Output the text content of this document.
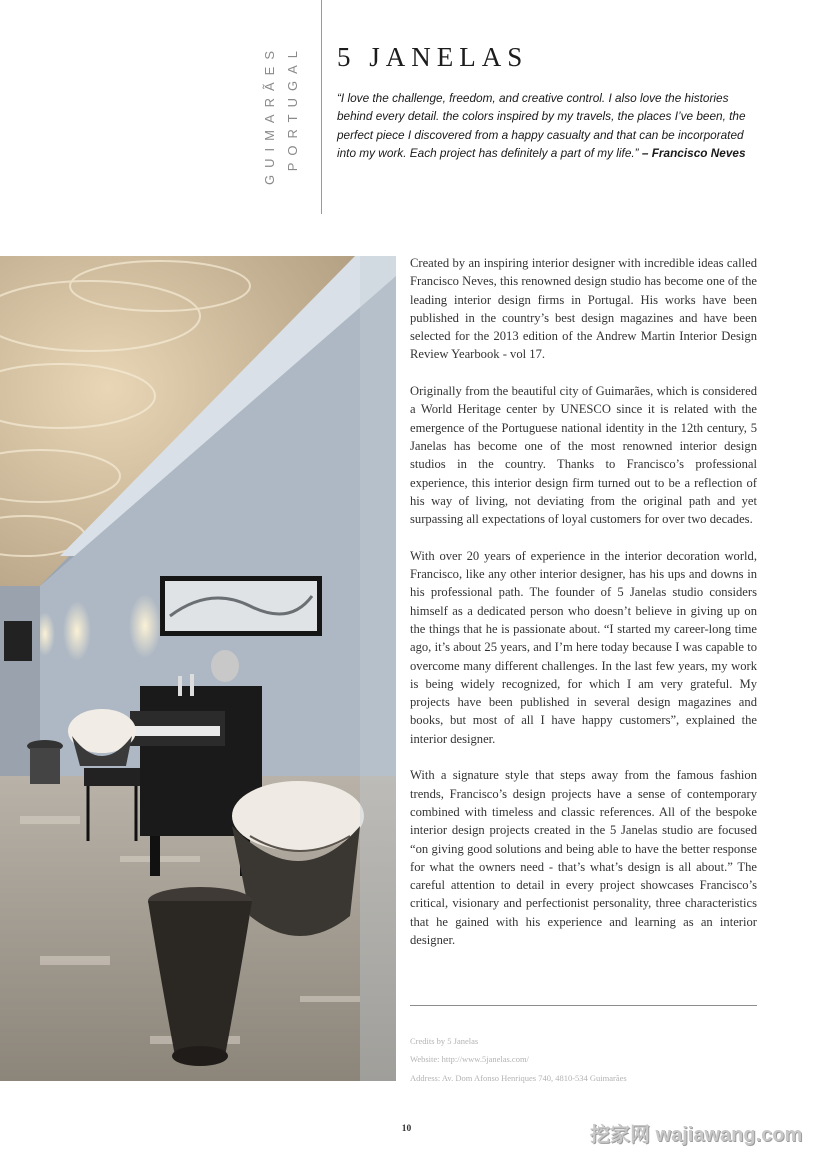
GUIMARÃES PORTUGAL 5 JANELAS

“I love the challenge, freedom, and creative control. I also love the histories behind every detail. the colors inspired by my travels, the places I’ve been, the perfect piece I discovered from a happy casualty and that can be incorporated into my work. Each project has definitely a part of my life.” – Francisco Neves

Created by an inspiring interior designer with incredible ideas called Francisco Neves, this renowned design studio has become one of the leading interior design firms in Portugal. His works have been published in the country’s best design magazines and have been selected for the 2013 edition of the Andrew Martin Interior Design Review Yearbook - vol 17.

Originally from the beautiful city of Guimarães, which is considered a World Heritage center by UNESCO since it is related with the emergence of the Portuguese national identity in the 12th century, 5 Janelas has become one of the most renowned interior design studios in the country. Thanks to Francisco’s professional experience, this interior design firm turned out to be a reflection of his way of living, not deviating from the original path and yet surpassing all expectations of loyal customers for over two decades.

With over 20 years of experience in the interior decoration world, Francisco, like any other interior designer, has his ups and downs in his professional path. The founder of 5 Janelas studio considers himself as a dedicated person who doesn’t believe in giving up on the things that he is passionate about. “I started my career-long time ago, it’s about 25 years, and I’m here today because I was capable to overcome many different challenges. In the last few years, my work is being widely recognized, for which I am very grateful. My projects have been published in several design magazines and books, but most of all I have happy customers”, explained the interior designer.

With a signature style that steps away from the famous fashion trends, Francisco’s design projects have a sense of contemporary combined with timeless and classic references. All of the bespoke interior design projects created in the 5 Janelas studio are focused “on giving good solutions and being able to have the better response for what the owners need - that’s what’s design is all about.” The careful attention to detail in every project showcases Francisco’s critical, visionary and perfectionist personality, three characteristics that he gained with his experience and learning as an interior designer.

Credits by 5 Janelas
Website: http://www.5janelas.com/
Address: Av. Dom Afonso Henriques 740, 4810-534 Guimarães
10	挖家网 wajiawang.com
